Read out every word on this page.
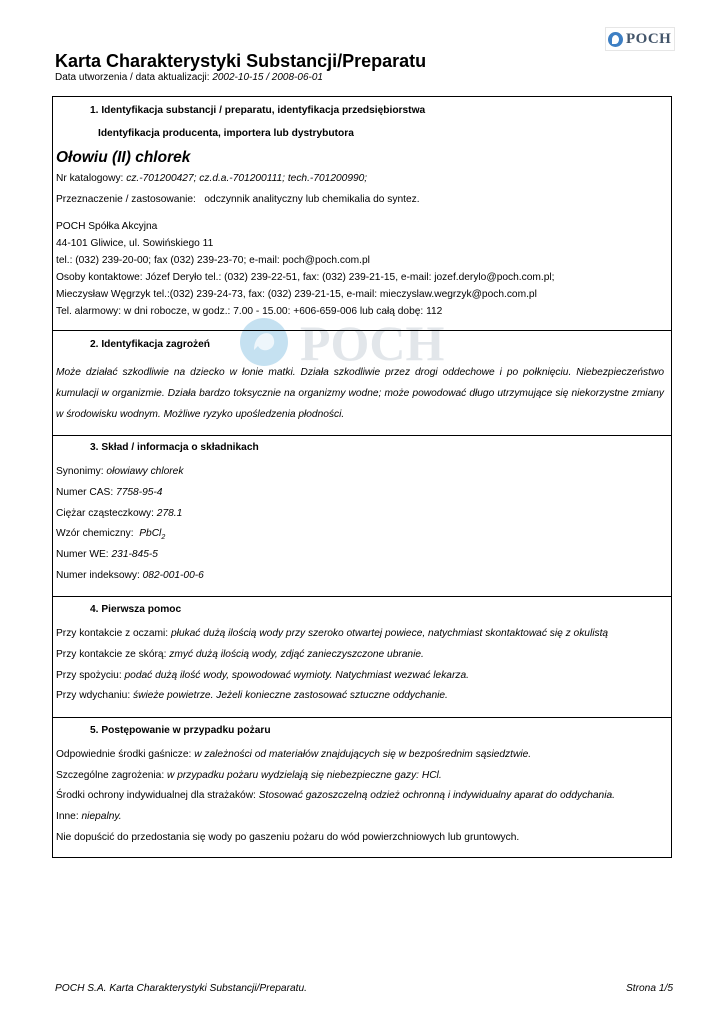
POCH
Karta Charakterystyki Substancji/Preparatu
Data utworzenia / data aktualizacji: 2002-10-15 / 2008-06-01
POCH
1. Identyfikacja substancji / preparatu, identyfikacja przedsiębiorstwa
Identyfikacja producenta, importera lub dystrybutora
Ołowiu (II) chlorek
Nr katalogowy: cz.-701200427; cz.d.a.-701200111; tech.-701200990;
Przeznaczenie / zastosowanie: odczynnik analityczny lub chemikalia do syntez.
POCH Spółka Akcyjna
44-101 Gliwice, ul. Sowińskiego 11
tel.: (032) 239-20-00; fax (032) 239-23-70; e-mail: poch@poch.com.pl
Osoby kontaktowe: Józef Deryło tel.: (032) 239-22-51, fax: (032) 239-21-15, e-mail: jozef.derylo@poch.com.pl;
Mieczysław Węgrzyk tel.:(032) 239-24-73, fax: (032) 239-21-15, e-mail: mieczyslaw.wegrzyk@poch.com.pl
Tel. alarmowy: w dni robocze, w godz.: 7.00 - 15.00: +606-659-006 lub całą dobę: 112
2. Identyfikacja zagrożeń
Może działać szkodliwie na dziecko w łonie matki. Działa szkodliwie przez drogi oddechowe i po połknięciu. Niebezpieczeństwo kumulacji w organizmie. Działa bardzo toksycznie na organizmy wodne; może powodować długo utrzymujące się niekorzystne zmiany w środowisku wodnym. Możliwe ryzyko upośledzenia płodności.
3. Skład / informacja o składnikach
Synonimy: ołowiawy chlorek
Numer CAS: 7758-95-4
Ciężar cząsteczkowy: 278.1
Wzór chemiczny: PbCl$_2$
Numer WE: 231-845-5
Numer indeksowy: 082-001-00-6
4. Pierwsza pomoc
Przy kontakcie z oczami: płukać dużą ilością wody przy szeroko otwartej powiece, natychmiast skontaktować się z okulistą
Przy kontakcie ze skórą: zmyć dużą ilością wody, zdjąć zanieczyszczone ubranie.
Przy spożyciu: podać dużą ilość wody, spowodować wymioty. Natychmiast wezwać lekarza.
Przy wdychaniu: świeże powietrze. Jeżeli konieczne zastosować sztuczne oddychanie.
5. Postępowanie w przypadku pożaru
Odpowiednie środki gaśnicze: w zależności od materiałów znajdujących się w bezpośrednim sąsiedztwie.
Szczególne zagrożenia: w przypadku pożaru wydzielają się niebezpieczne gazy: HCl.
Środki ochrony indywidualnej dla strażaków: Stosować gazoszczelną odzież ochronną i indywidualny aparat do oddychania.
Inne: niepalny.
Nie dopuścić do przedostania się wody po gaszeniu pożaru do wód powierzchniowych lub gruntowych.
POCH S.A. Karta Charakterystyki Substancji/Preparatu.	Strona 1/5
